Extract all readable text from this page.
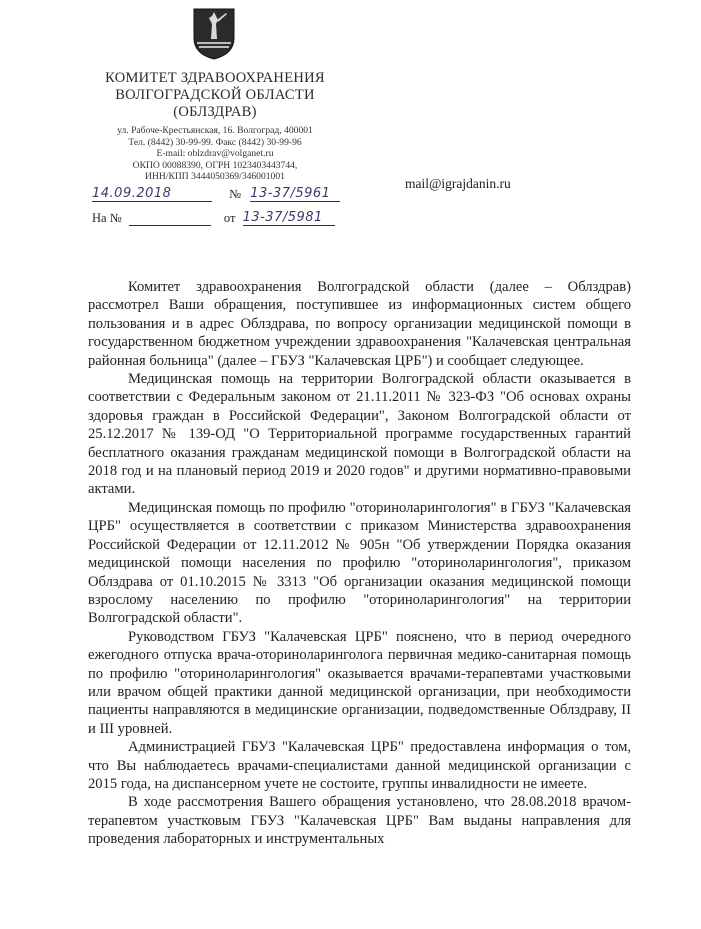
КОМИТЕТ ЗДРАВООХРАНЕНИЯ
ВОЛГОГРАДСКОЙ ОБЛАСТИ
(ОБЛЗДРАВ)
ул. Рабоче-Крестьянская, 16. Волгоград, 400001
Тел. (8442) 30-99-99. Факс (8442) 30-99-96
E-mail: oblzdrav@volganet.ru
ОКПО 00088390, ОГРН 1023403443744,
ИНН/КПП 3444050369/346001001
14.09.2018	№ 13-37/5961
На №	от 13-37/5981
mail@igrajdanin.ru

Комитет здравоохранения Волгоградской области (далее – Облздрав) рассмотрел Ваши обращения, поступившее из информационных систем общего пользования и в адрес Облздрава, по вопросу организации медицинской помощи в государственном бюджетном учреждении здравоохранения "Калачевская центральная районная больница" (далее – ГБУЗ "Калачевская ЦРБ") и сообщает следующее.

Медицинская помощь на территории Волгоградской области оказывается в соответствии с Федеральным законом от 21.11.2011 № 323-ФЗ "Об основах охраны здоровья граждан в Российской Федерации", Законом Волгоградской области от 25.12.2017 № 139-ОД "О Территориальной программе государственных гарантий бесплатного оказания гражданам медицинской помощи в Волгоградской области на 2018 год и на плановый период 2019 и 2020 годов" и другими нормативно-правовыми актами.

Медицинская помощь по профилю "оториноларингология" в ГБУЗ "Калачевская ЦРБ" осуществляется в соответствии с приказом Министерства здравоохранения Российской Федерации от 12.11.2012 № 905н "Об утверждении Порядка оказания медицинской помощи населения по профилю "оториноларингология", приказом Облздрава от 01.10.2015 № 3313 "Об организации оказания медицинской помощи взрослому населению по профилю "оториноларингология" на территории Волгоградской области".

Руководством ГБУЗ "Калачевская ЦРБ" пояснено, что в период очередного ежегодного отпуска врача-оториноларинголога первичная медико-санитарная помощь по профилю "оториноларингология" оказывается врачами-терапевтами участковыми или врачом общей практики данной медицинской организации, при необходимости пациенты направляются в медицинские организации, подведомственные Облздраву, II и III уровней.

Администрацией ГБУЗ "Калачевская ЦРБ" предоставлена информация о том, что Вы наблюдаетесь врачами-специалистами данной медицинской организации с 2015 года, на диспансерном учете не состоите, группы инвалидности не имеете.

В ходе рассмотрения Вашего обращения установлено, что 28.08.2018 врачом-терапевтом участковым ГБУЗ "Калачевская ЦРБ" Вам выданы направления для проведения лабораторных и инструментальных
